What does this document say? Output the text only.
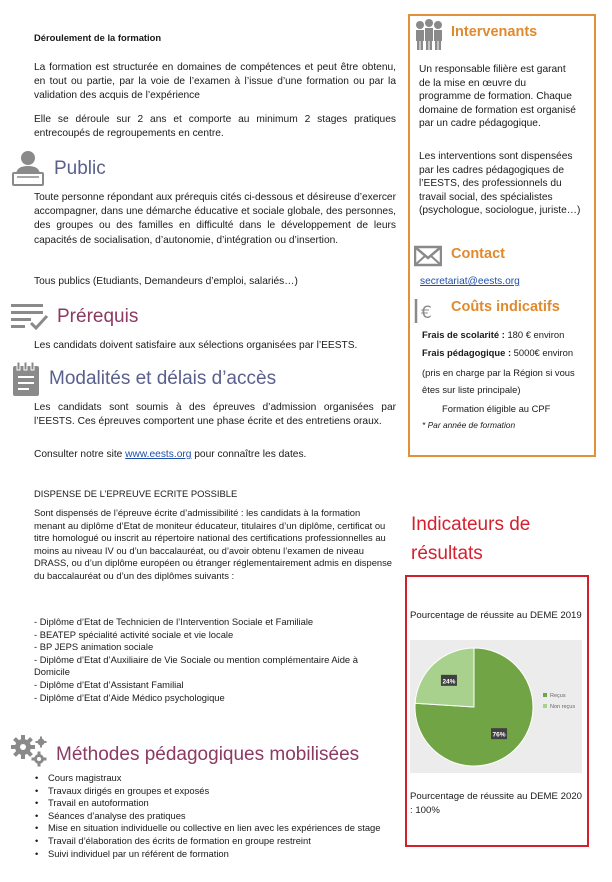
Déroulement de la formation
La formation est structurée en domaines de compétences et peut être obtenu, en tout ou partie, par la voie de l’examen à l’issue d’une formation ou par la validation des acquis de l’expérience
Elle se déroule sur 2 ans et comporte au minimum 2 stages pratiques entrecoupés de regroupements en centre.
Public
Toute personne répondant aux prérequis cités ci-dessous et désireuse d’exercer accompagner, dans une démarche éducative et sociale globale, des personnes, des groupes ou des familles en difficulté dans le développement de leurs capacités de socialisation, d’autonomie, d’intégration ou d’insertion.
Tous publics (Etudiants, Demandeurs d’emploi, salariés…)
Prérequis
Les candidats doivent satisfaire aux sélections organisées par l’EESTS.
Modalités et délais d’accès
Les candidats sont soumis à des épreuves d’admission organisées par l’EESTS. Ces épreuves comportent une phase écrite et des entretiens oraux.
Consulter notre site www.eests.org pour connaître les dates.
DISPENSE DE L’EPREUVE ECRITE POSSIBLE
Sont dispensés de l’épreuve écrite d’admissibilité : les candidats à la formation menant au diplôme d’Etat de moniteur éducateur, titulaires d’un diplôme, certificat ou titre homologué ou inscrit au répertoire national des certifications professionnelles au moins au niveau IV ou d’un baccalauréat, ou d’avoir obtenu l’examen de niveau DRASS, ou d’un diplôme européen ou étranger réglementairement admis en dispense du baccalauréat ou d’un des diplômes suivants :
- Diplôme d’Etat de Technicien de l’Intervention Sociale et Familiale
- BEATEP spécialité activité sociale et vie locale
- BP JEPS animation sociale
- Diplôme d’Etat d’Auxiliaire de Vie Sociale ou mention complémentaire Aide à Domicile
- Diplôme d’Etat d’Assistant Familial
- Diplôme d’Etat d’Aide Médico psychologique
Méthodes pédagogiques mobilisées
• Cours magistraux
• Travaux dirigés en groupes et exposés
• Travail en autoformation
• Séances d’analyse des pratiques
• Mise en situation individuelle ou collective en lien avec les expériences de stage
• Travail d’élaboration des écrits de formation en groupe restreint
• Suivi individuel par un référent de formation
Intervenants
Un responsable filière est garant de la mise en œuvre du programme de formation. Chaque domaine de formation est organisé par un cadre pédagogique.
Les interventions sont dispensées par les cadres pédagogiques de l’EESTS, des professionnels du travail social, des spécialistes (psychologue, sociologue, juriste…)
Contact
secretariat@eests.org
€ Coûts indicatifs
Frais de scolarité : 180 € environ
Frais pédagogique : 5000€ environ
(pris en charge par la Région si vous êtes sur liste principale)
Formation éligible au CPF
* Par année de formation
Indicateurs de résultats
Pourcentage de réussite au DEME 2019
76%
24%
Reçus
Non reçus
Pourcentage de réussite au DEME 2020 : 100%
